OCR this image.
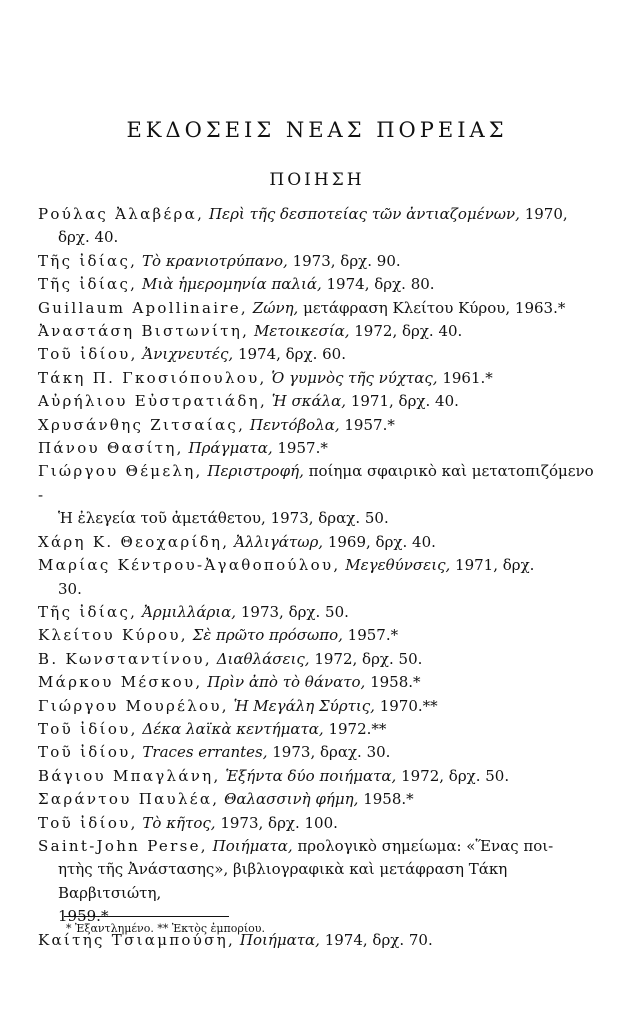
ΕΚΔΟΣΕΙΣ ΝΕΑΣ ΠΟΡΕΙΑΣ
ΠΟΙΗΣΗ
Ρούλας Ἀλαβέρα, Περὶ τῆς δεσποτείας τῶν ἀντιαζομένων, 1970,
δρχ. 40.
Τῆς ἰδίας, Τὸ κρανιοτρύπανο, 1973, δρχ. 90.
Τῆς ἰδίας, Μιὰ ἡμερομηνία παλιά, 1974, δρχ. 80.
Guillaum Apollinaire, Ζώνη, μετάφραση Κλείτου Κύρου, 1963.*
Ἀναστάση Βιστωνίτη, Μετοικεσία, 1972, δρχ. 40.
Τοῦ ἰδίου, Ἀνιχνευτές, 1974, δρχ. 60.
Τάκη Π. Γκοσιόπουλου, Ὁ γυμνὸς τῆς νύχτας, 1961.*
Αὐρήλιου Εὐστρατιάδη, Ἡ σκάλα, 1971, δρχ. 40.
Χρυσάνθης Ζιτσαίας, Πεντόβολα, 1957.*
Πάνου Θασίτη, Πράγματα, 1957.*
Γιώργου Θέμελη, Περιστροφή, ποίημα σφαιρικὸ καὶ μετατοπιζόμενο -
Ἡ ἐλεγεία τοῦ ἀμετάθετου, 1973, δραχ. 50.
Χάρη Κ. Θεοχαρίδη, Ἀλλιγάτωρ, 1969, δρχ. 40.
Μαρίας Κέντρου-Ἀγαθοπούλου, Μεγεθύνσεις, 1971, δρχ.
30.
Τῆς ἰδίας, Ἀρμιλλάρια, 1973, δρχ. 50.
Κλείτου Κύρου, Σὲ πρῶτο πρόσωπο, 1957.*
Β. Κωνσταντίνου, Διαθλάσεις, 1972, δρχ. 50.
Μάρκου Μέσκου, Πρὶν ἀπὸ τὸ θάνατο, 1958.*
Γιώργου Μουρέλου, Ἡ Μεγάλη Σύρτις, 1970.**
Τοῦ ἰδίου, Δέκα λαϊκὰ κεντήματα, 1972.**
Τοῦ ἰδίου, Traces errantes, 1973, δραχ. 30.
Βάγιου Μπαγλάνη, Ἑξήντα δύο ποιήματα, 1972, δρχ. 50.
Σαράντου Παυλέα, Θαλασσινὴ φήμη, 1958.*
Τοῦ ἰδίου, Τὸ κῆτος, 1973, δρχ. 100.
Saint-John Perse, Ποιήματα, προλογικὸ σημείωμα: «Ἕνας ποι-
ητὴς τῆς Ἀνάστασης», βιβλιογραφικὰ καὶ μετάφραση Τάκη Βαρβιτσιώτη,
1959.*
Καίτης Τσιαμπούση, Ποιήματα, 1974, δρχ. 70.
* Ἐξαντλημένο. ** Ἐκτὸς ἐμπορίου.
